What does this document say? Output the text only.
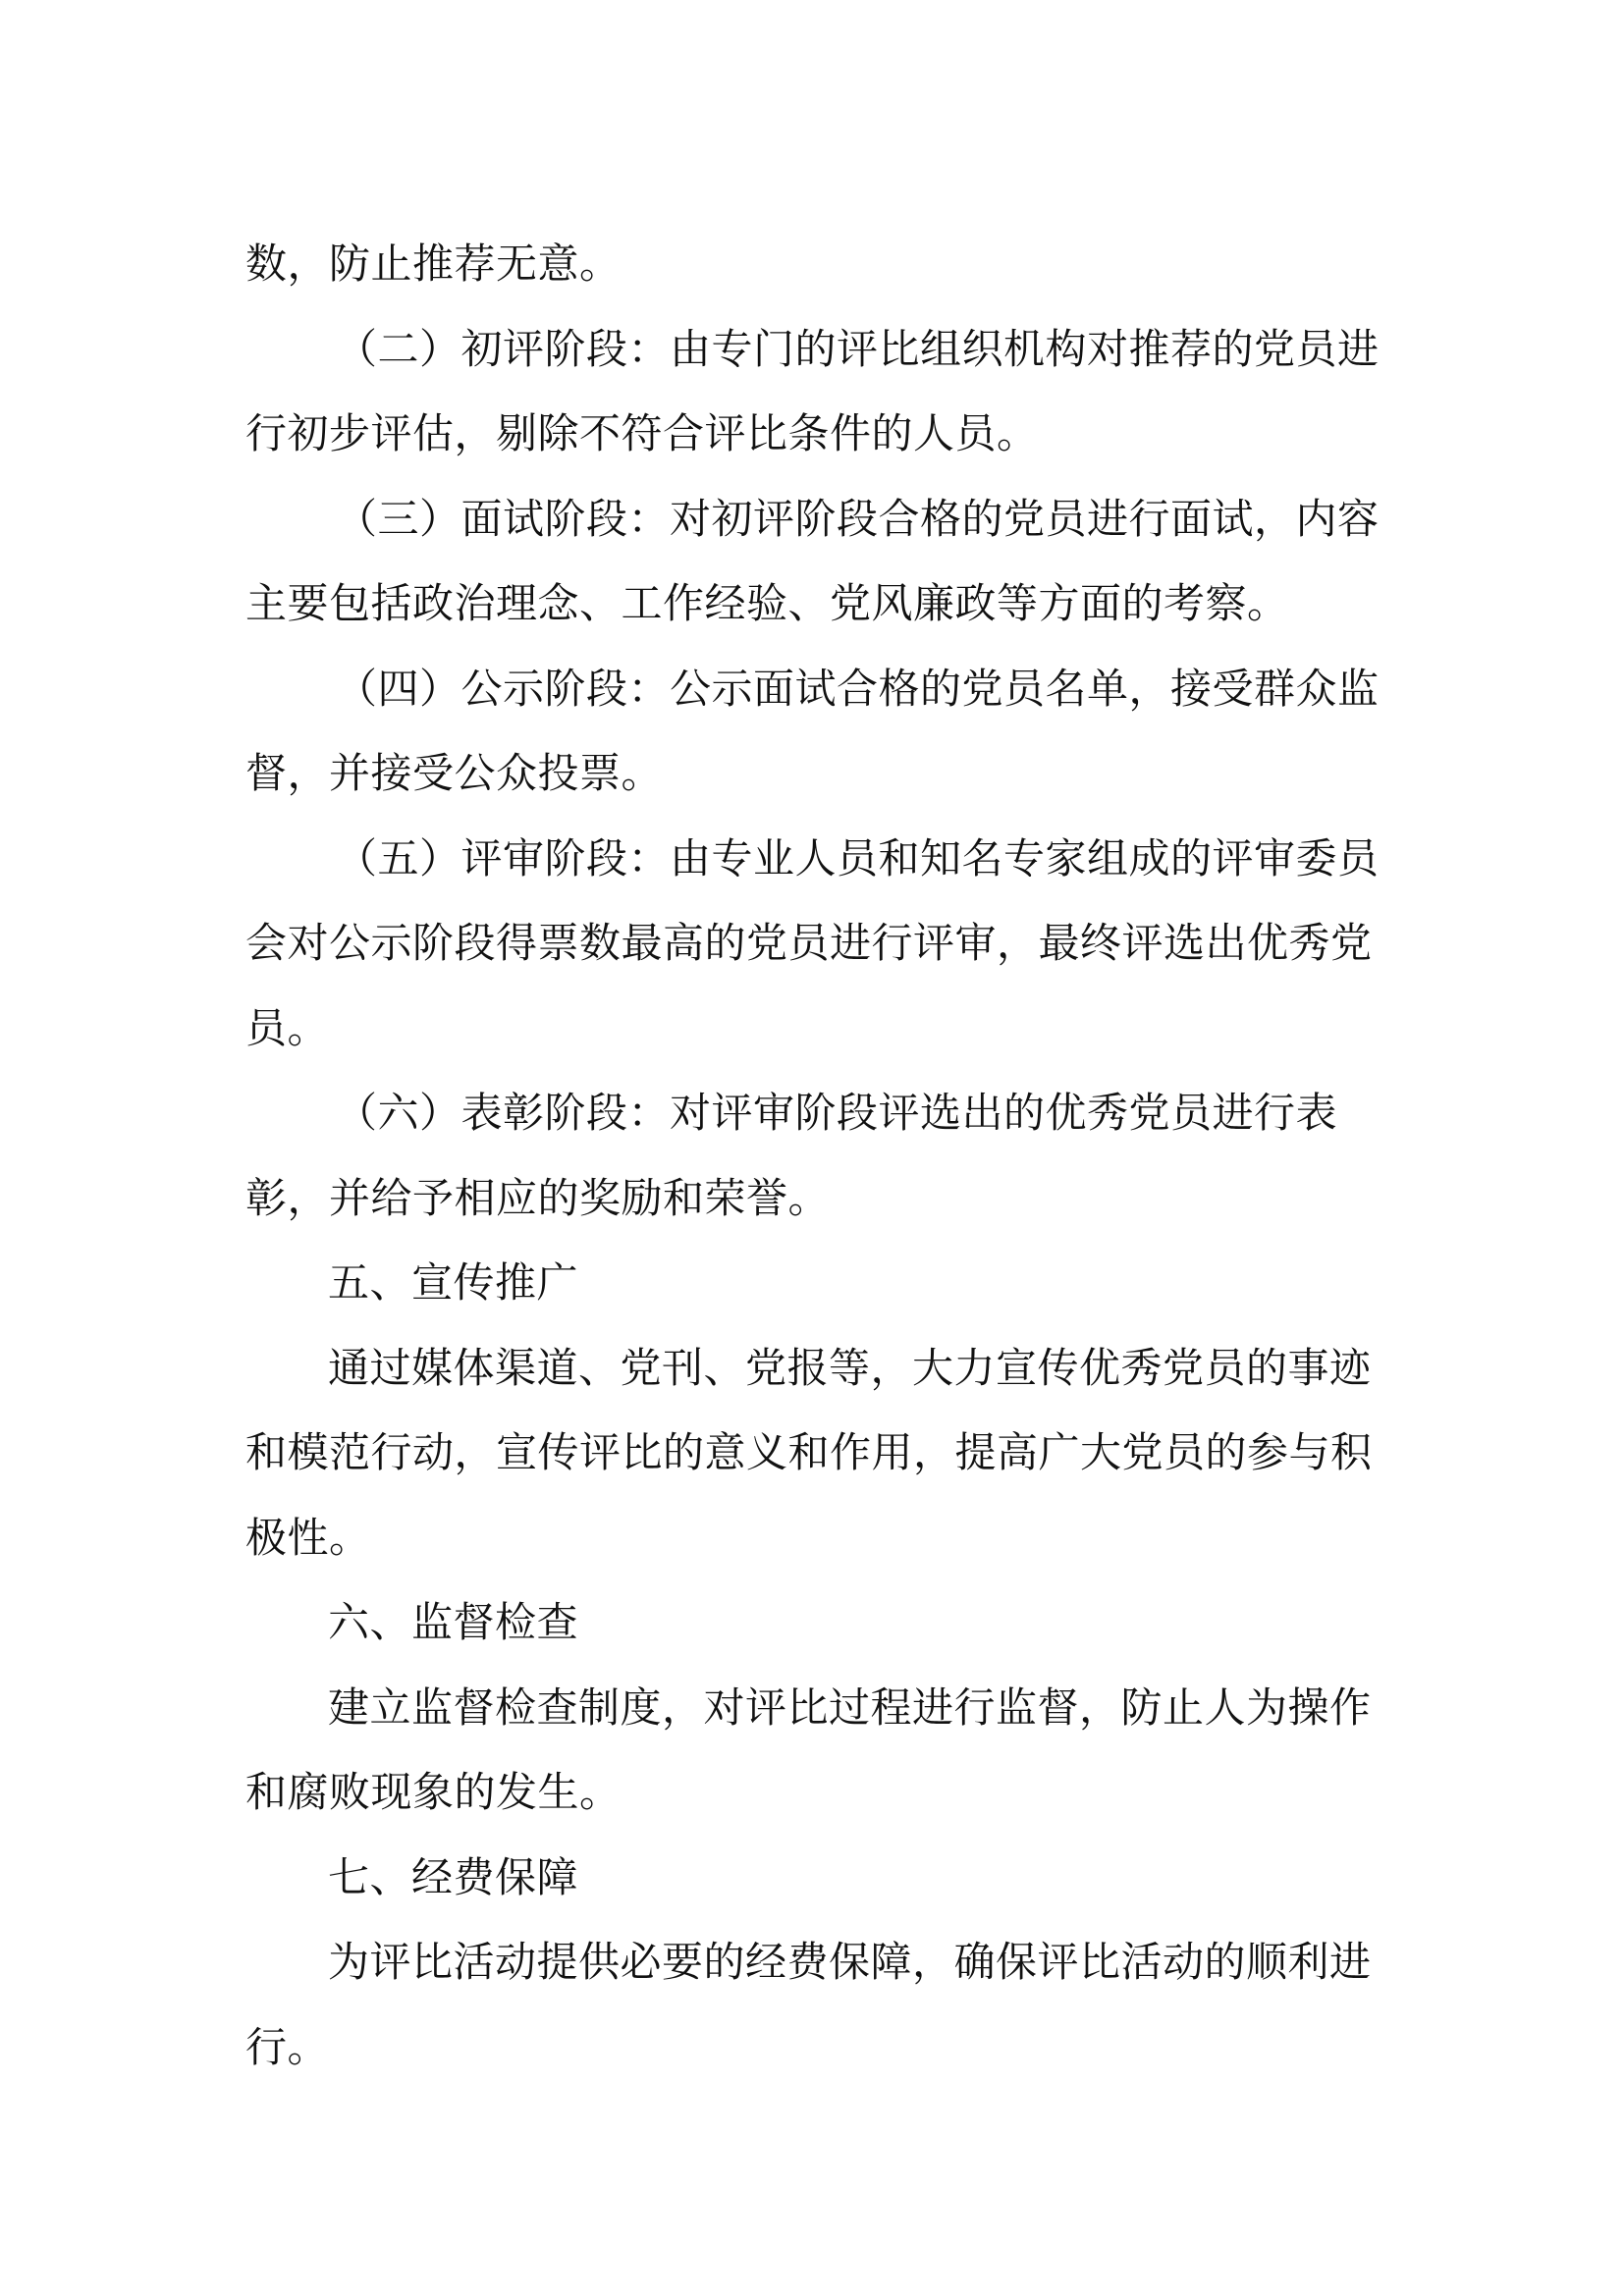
数，防止推荐无意。

（二）初评阶段：由专门的评比组织机构对推荐的党员进行初步评估，剔除不符合评比条件的人员。

（三）面试阶段：对初评阶段合格的党员进行面试，内容主要包括政治理念、工作经验、党风廉政等方面的考察。

（四）公示阶段：公示面试合格的党员名单，接受群众监督，并接受公众投票。

（五）评审阶段：由专业人员和知名专家组成的评审委员会对公示阶段得票数最高的党员进行评审，最终评选出优秀党员。

（六）表彰阶段：对评审阶段评选出的优秀党员进行表彰，并给予相应的奖励和荣誉。

五、宣传推广

通过媒体渠道、党刊、党报等，大力宣传优秀党员的事迹和模范行动，宣传评比的意义和作用，提高广大党员的参与积极性。

六、监督检查

建立监督检查制度，对评比过程进行监督，防止人为操作和腐败现象的发生。

七、经费保障

为评比活动提供必要的经费保障，确保评比活动的顺利进行。
